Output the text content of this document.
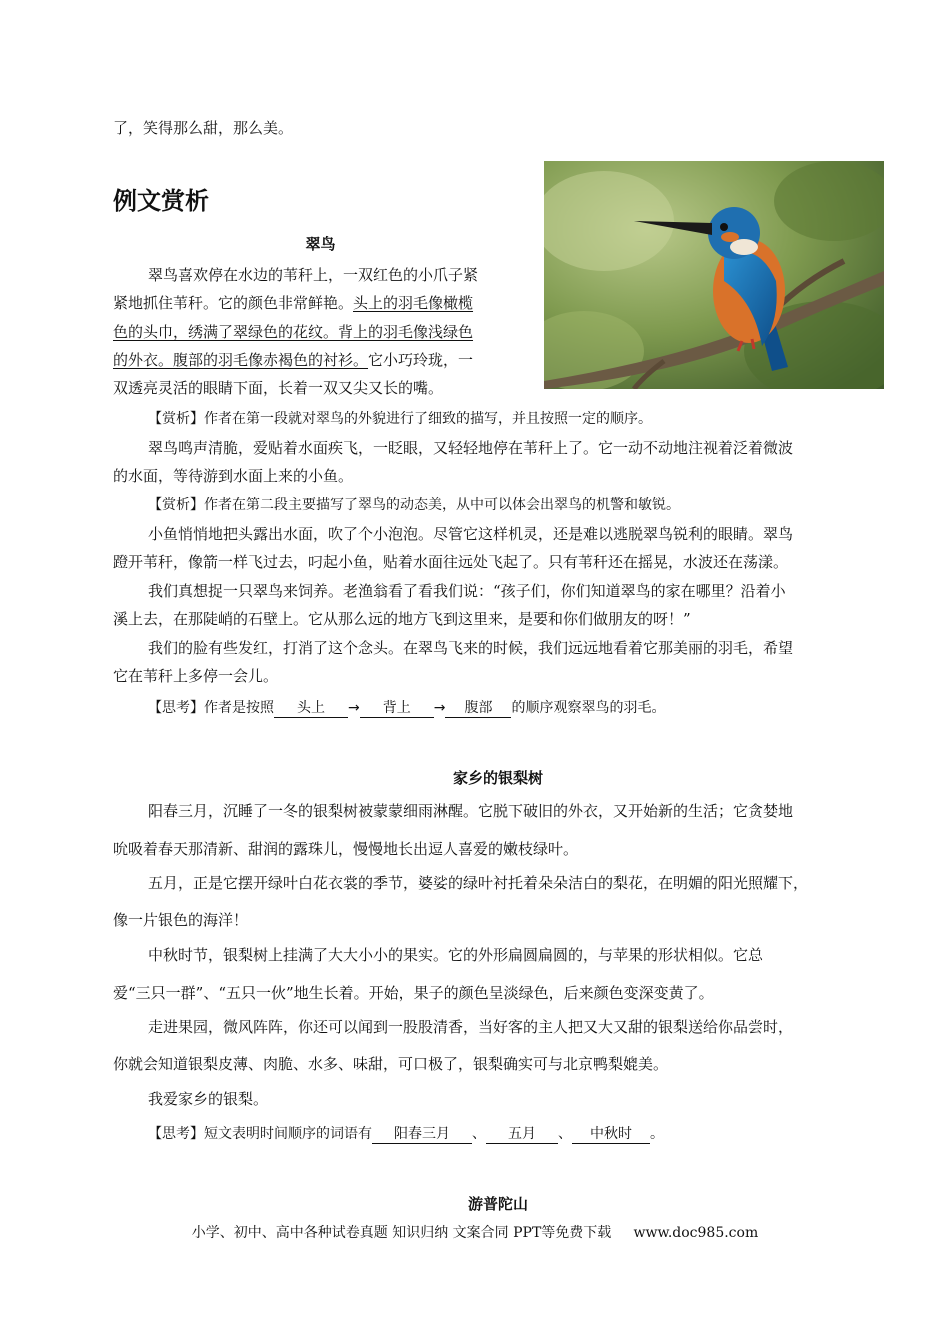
了，笑得那么甜，那么美。
例文赏析
翠鸟
翠鸟喜欢停在水边的苇秆上，一双红色的小爪子紧
紧地抓住苇秆。它的颜色非常鲜艳。头上的羽毛像橄榄
色的头巾，绣满了翠绿色的花纹。背上的羽毛像浅绿色
的外衣。腹部的羽毛像赤褐色的衬衫。它小巧玲珑，一
双透亮灵活的眼睛下面，长着一双又尖又长的嘴。
【赏析】作者在第一段就对翠鸟的外貌进行了细致的描写，并且按照一定的顺序。
翠鸟鸣声清脆，爱贴着水面疾飞，一眨眼，又轻轻地停在苇秆上了。它一动不动地注视着泛着微波
的水面，等待游到水面上来的小鱼。
【赏析】作者在第二段主要描写了翠鸟的动态美，从中可以体会出翠鸟的机警和敏锐。
小鱼悄悄地把头露出水面，吹了个小泡泡。尽管它这样机灵，还是难以逃脱翠鸟锐利的眼睛。翠鸟
蹬开苇秆，像箭一样飞过去，叼起小鱼，贴着水面往远处飞起了。只有苇秆还在摇晃，水波还在荡漾。
我们真想捉一只翠鸟来饲养。老渔翁看了看我们说：“孩子们，你们知道翠鸟的家在哪里？沿着小
溪上去，在那陡峭的石壁上。它从那么远的地方飞到这里来，是要和你们做朋友的呀！”
我们的脸有些发红，打消了这个念头。在翠鸟飞来的时候，我们远远地看着它那美丽的羽毛，希望
它在苇秆上多停一会儿。
【思考】作者是按照 头上 → 背上 → 腹部 的顺序观察翠鸟的羽毛。
家乡的银梨树
阳春三月，沉睡了一冬的银梨树被蒙蒙细雨淋醒。它脱下破旧的外衣，又开始新的生活；它贪婪地
吮吸着春天那清新、甜润的露珠儿，慢慢地长出逗人喜爱的嫩枝绿叶。
五月，正是它摆开绿叶白花衣裳的季节，婆娑的绿叶衬托着朵朵洁白的梨花，在明媚的阳光照耀下，
像一片银色的海洋！
中秋时节，银梨树上挂满了大大小小的果实。它的外形扁圆扁圆的，与苹果的形状相似。它总
爱“三只一群”、“五只一伙”地生长着。开始，果子的颜色呈淡绿色，后来颜色变深变黄了。
走进果园，微风阵阵，你还可以闻到一股股清香，当好客的主人把又大又甜的银梨送给你品尝时，
你就会知道银梨皮薄、肉脆、水多、味甜，可口极了，银梨确实可与北京鸭梨媲美。
我爱家乡的银梨。
【思考】短文表明时间顺序的词语有 阳春三月 、 五月 、 中秋时 。
游普陀山
小学、初中、高中各种试卷真题 知识归纳 文案合同 PPT等免费下载     www.doc985.com
